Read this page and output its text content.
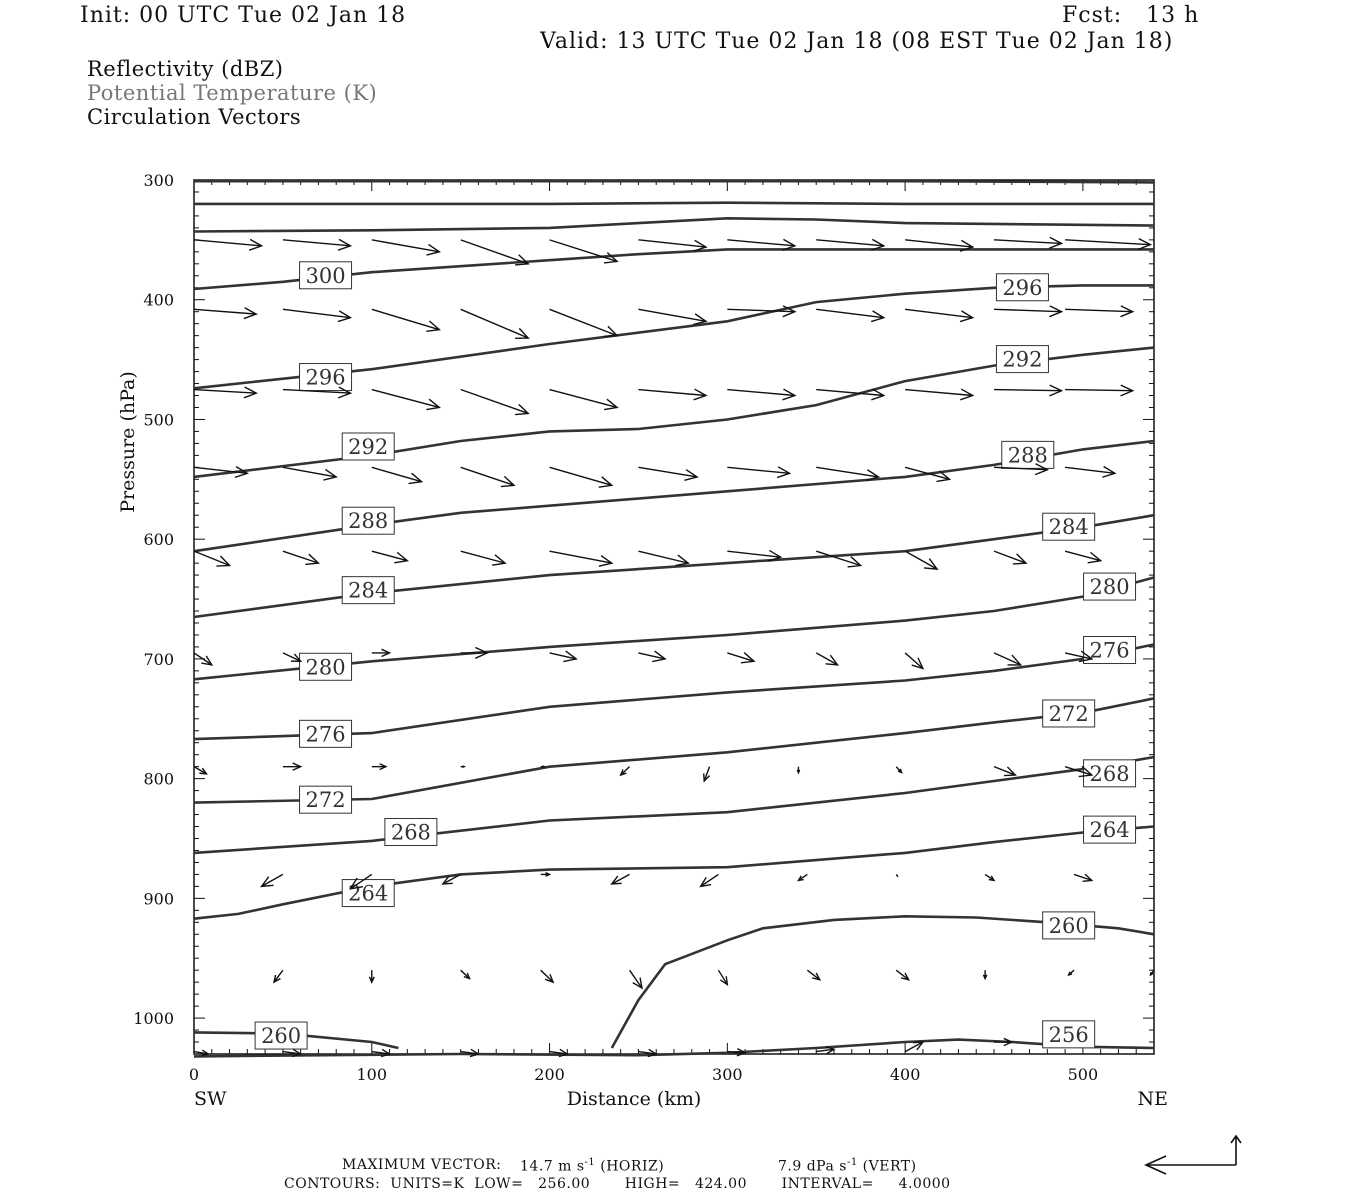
300
400
500
600
700
800
900
1000
0	100	200	300	400	500
Distance (km)
Pressure (hPa)
SW	NE
300
296
296
292
292
288
288
284
284
280
280
276
276
272
272
268
268
264
264
260
260
256
Init: 00 UTC Tue 02 Jan 18	Fcst:   13 h
Valid: 13 UTC Tue 02 Jan 18 (08 EST Tue 02 Jan 18)
Reflectivity (dBZ)
Potential Temperature (K)
Circulation Vectors
MAXIMUM VECTOR: 14.7 m $s^{-1}$ (HORIZ)	7.9 dPa $s^{-1}$ (VERT)
CONTOURS:  UNITS=K  LOW=   256.00       HIGH=   424.00       INTERVAL=     4.0000
